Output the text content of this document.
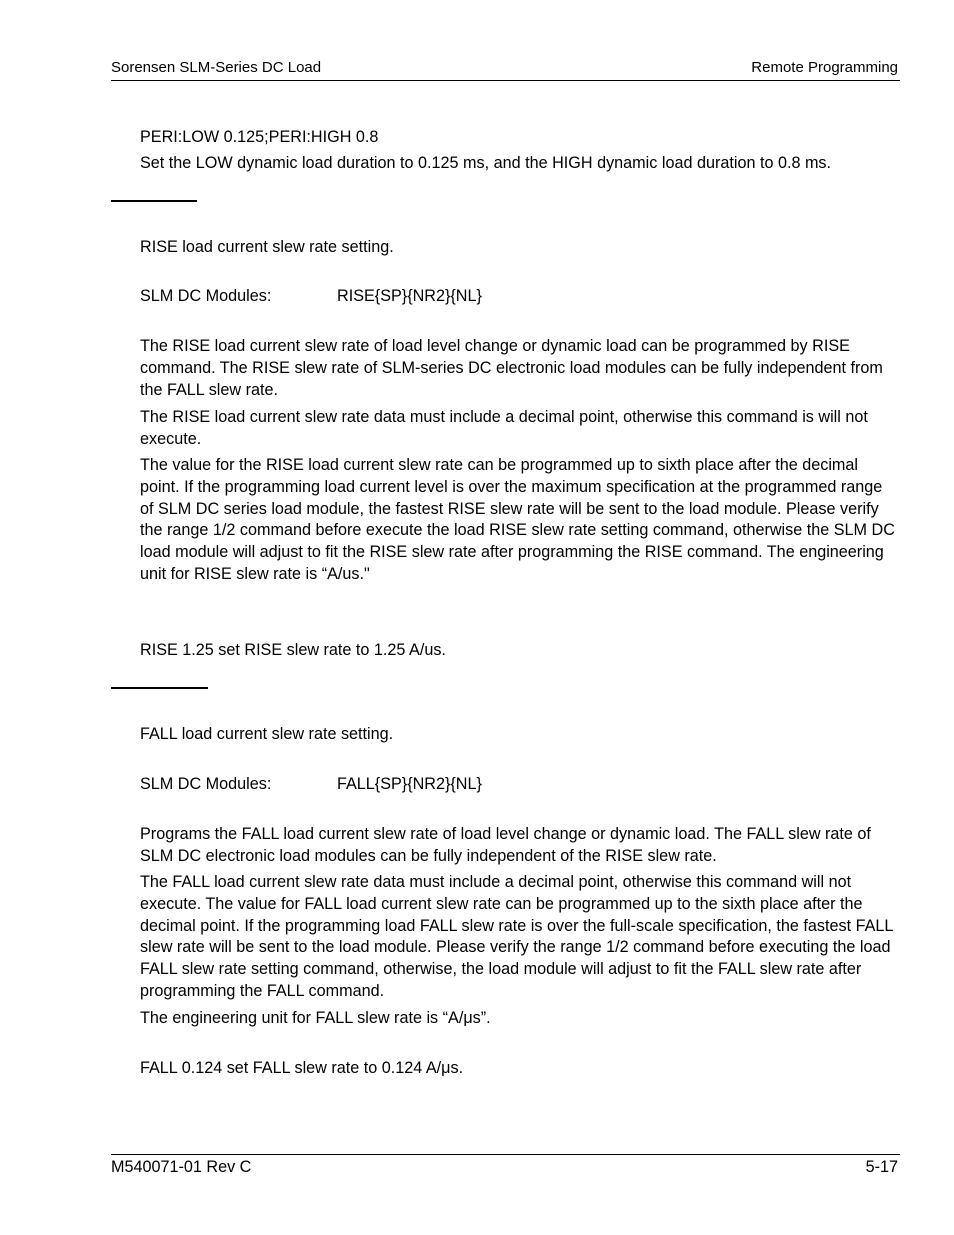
Sorensen SLM-Series DC Load	Remote Programming
PERI:LOW 0.125;PERI:HIGH 0.8
Set the LOW dynamic load duration to 0.125 ms, and the HIGH dynamic load duration to 0.8 ms.
RISE load current slew rate setting.
SLM DC Modules:	RISE{SP}{NR2}{NL}
The RISE load current slew rate of load level change or dynamic load can be programmed by RISE command. The RISE slew rate of SLM-series DC electronic load modules can be fully independent from the FALL slew rate.
The RISE load current slew rate data must include a decimal point, otherwise this command is will not execute.
The value for the RISE load current slew rate can be programmed up to sixth place after the decimal point. If the programming load current level is over the maximum specification at the programmed range of SLM DC series load module, the fastest RISE slew rate will be sent to the load module. Please verify the range 1/2 command before execute the load RISE slew rate setting command, otherwise the SLM DC load module will adjust to fit the RISE slew rate after programming the RISE command. The engineering unit for RISE slew rate is “A/us."
RISE 1.25 set RISE slew rate to 1.25 A/us.
FALL load current slew rate setting.
SLM DC Modules:	FALL{SP}{NR2}{NL}
Programs the FALL load current slew rate of load level change or dynamic load. The FALL slew rate of SLM DC electronic load modules can be fully independent of the RISE slew rate.
The FALL load current slew rate data must include a decimal point, otherwise this command will not execute. The value for FALL load current slew rate can be programmed up to the sixth place after the decimal point. If the programming load FALL slew rate is over the full-scale specification, the fastest FALL slew rate will be sent to the load module. Please verify the range 1/2 command before executing the load FALL slew rate setting command, otherwise, the load module will adjust to fit the FALL slew rate after programming the FALL command.
The engineering unit for FALL slew rate is “A/μs”.
FALL 0.124 set FALL slew rate to 0.124 A/μs.
M540071-01 Rev C	5-17
